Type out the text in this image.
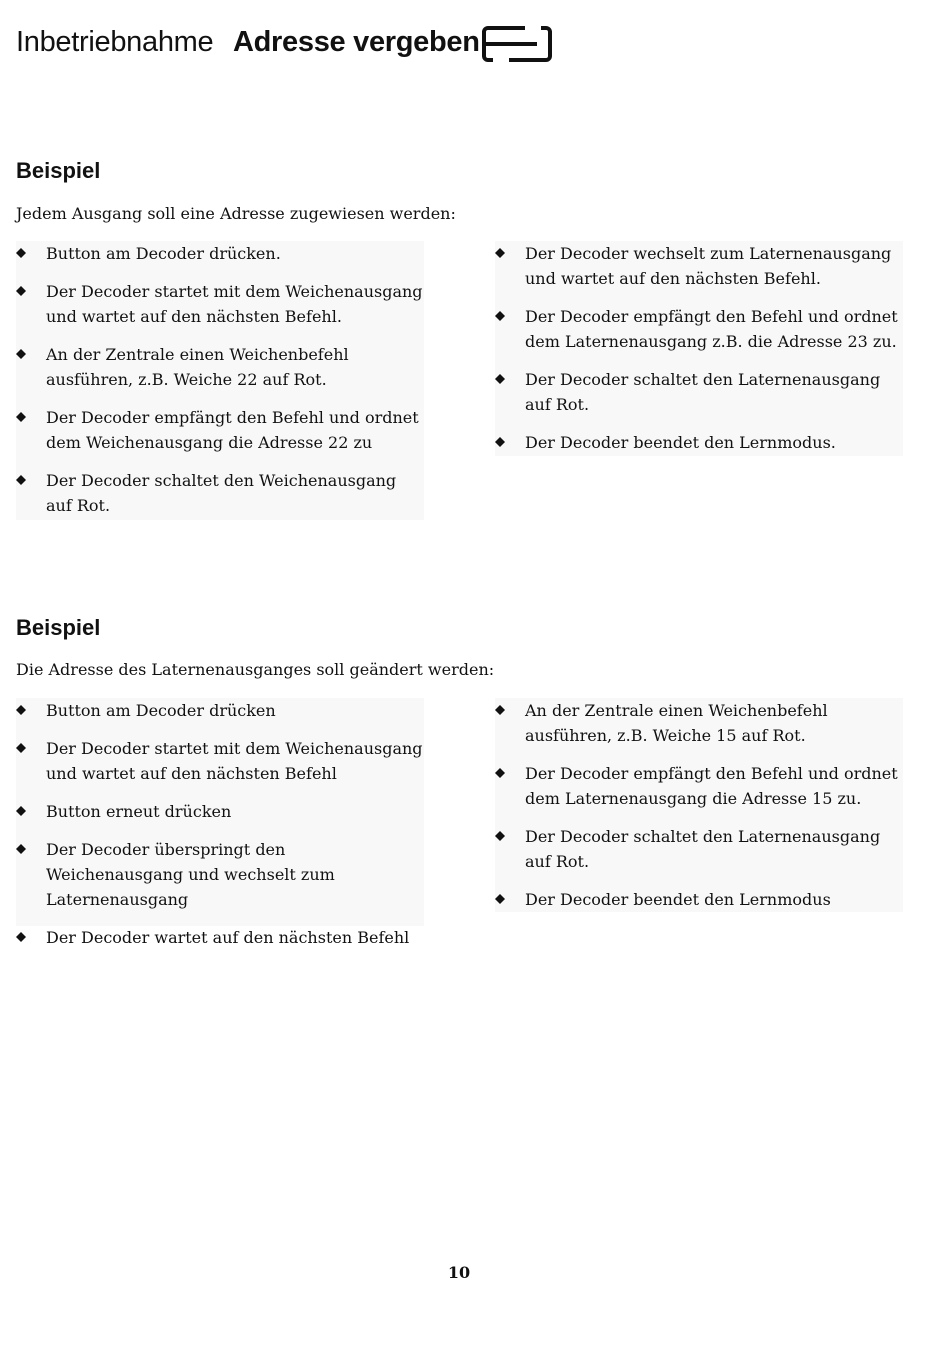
Inbetriebnahme Adresse vergeben
Beispiel
Jedem Ausgang soll eine Adresse zugewiesen werden:
Button am Decoder drücken.
Der Decoder startet mit dem Weichenausgang und wartet auf den nächsten Befehl.
An der Zentrale einen Weichenbefehl ausführen, z.B. Weiche 22 auf Rot.
Der Decoder empfängt den Befehl und ordnet dem Weichenausgang die Adresse 22 zu
Der Decoder schaltet den Weichenausgang auf Rot.
Der Decoder wechselt zum Laternenausgang und wartet auf den nächsten Befehl.
Der Decoder empfängt den Befehl und ordnet dem Laternenausgang z.B. die Adresse 23 zu.
Der Decoder schaltet den Laternenausgang auf Rot.
Der Decoder beendet den Lernmodus.
Beispiel
Die Adresse des Laternenausganges soll geändert werden:
Button am Decoder drücken
Der Decoder startet mit dem Weichenausgang und wartet auf den nächsten Befehl
Button erneut drücken
Der Decoder überspringt den Weichenausgang und wechselt zum Laternenausgang
Der Decoder wartet auf den nächsten Befehl
An der Zentrale einen Weichenbefehl ausführen, z.B. Weiche 15 auf Rot.
Der Decoder empfängt den Befehl und ordnet dem Laternenausgang die Adresse 15 zu.
Der Decoder schaltet den Laternenausgang auf Rot.
Der Decoder beendet den Lernmodus
10
